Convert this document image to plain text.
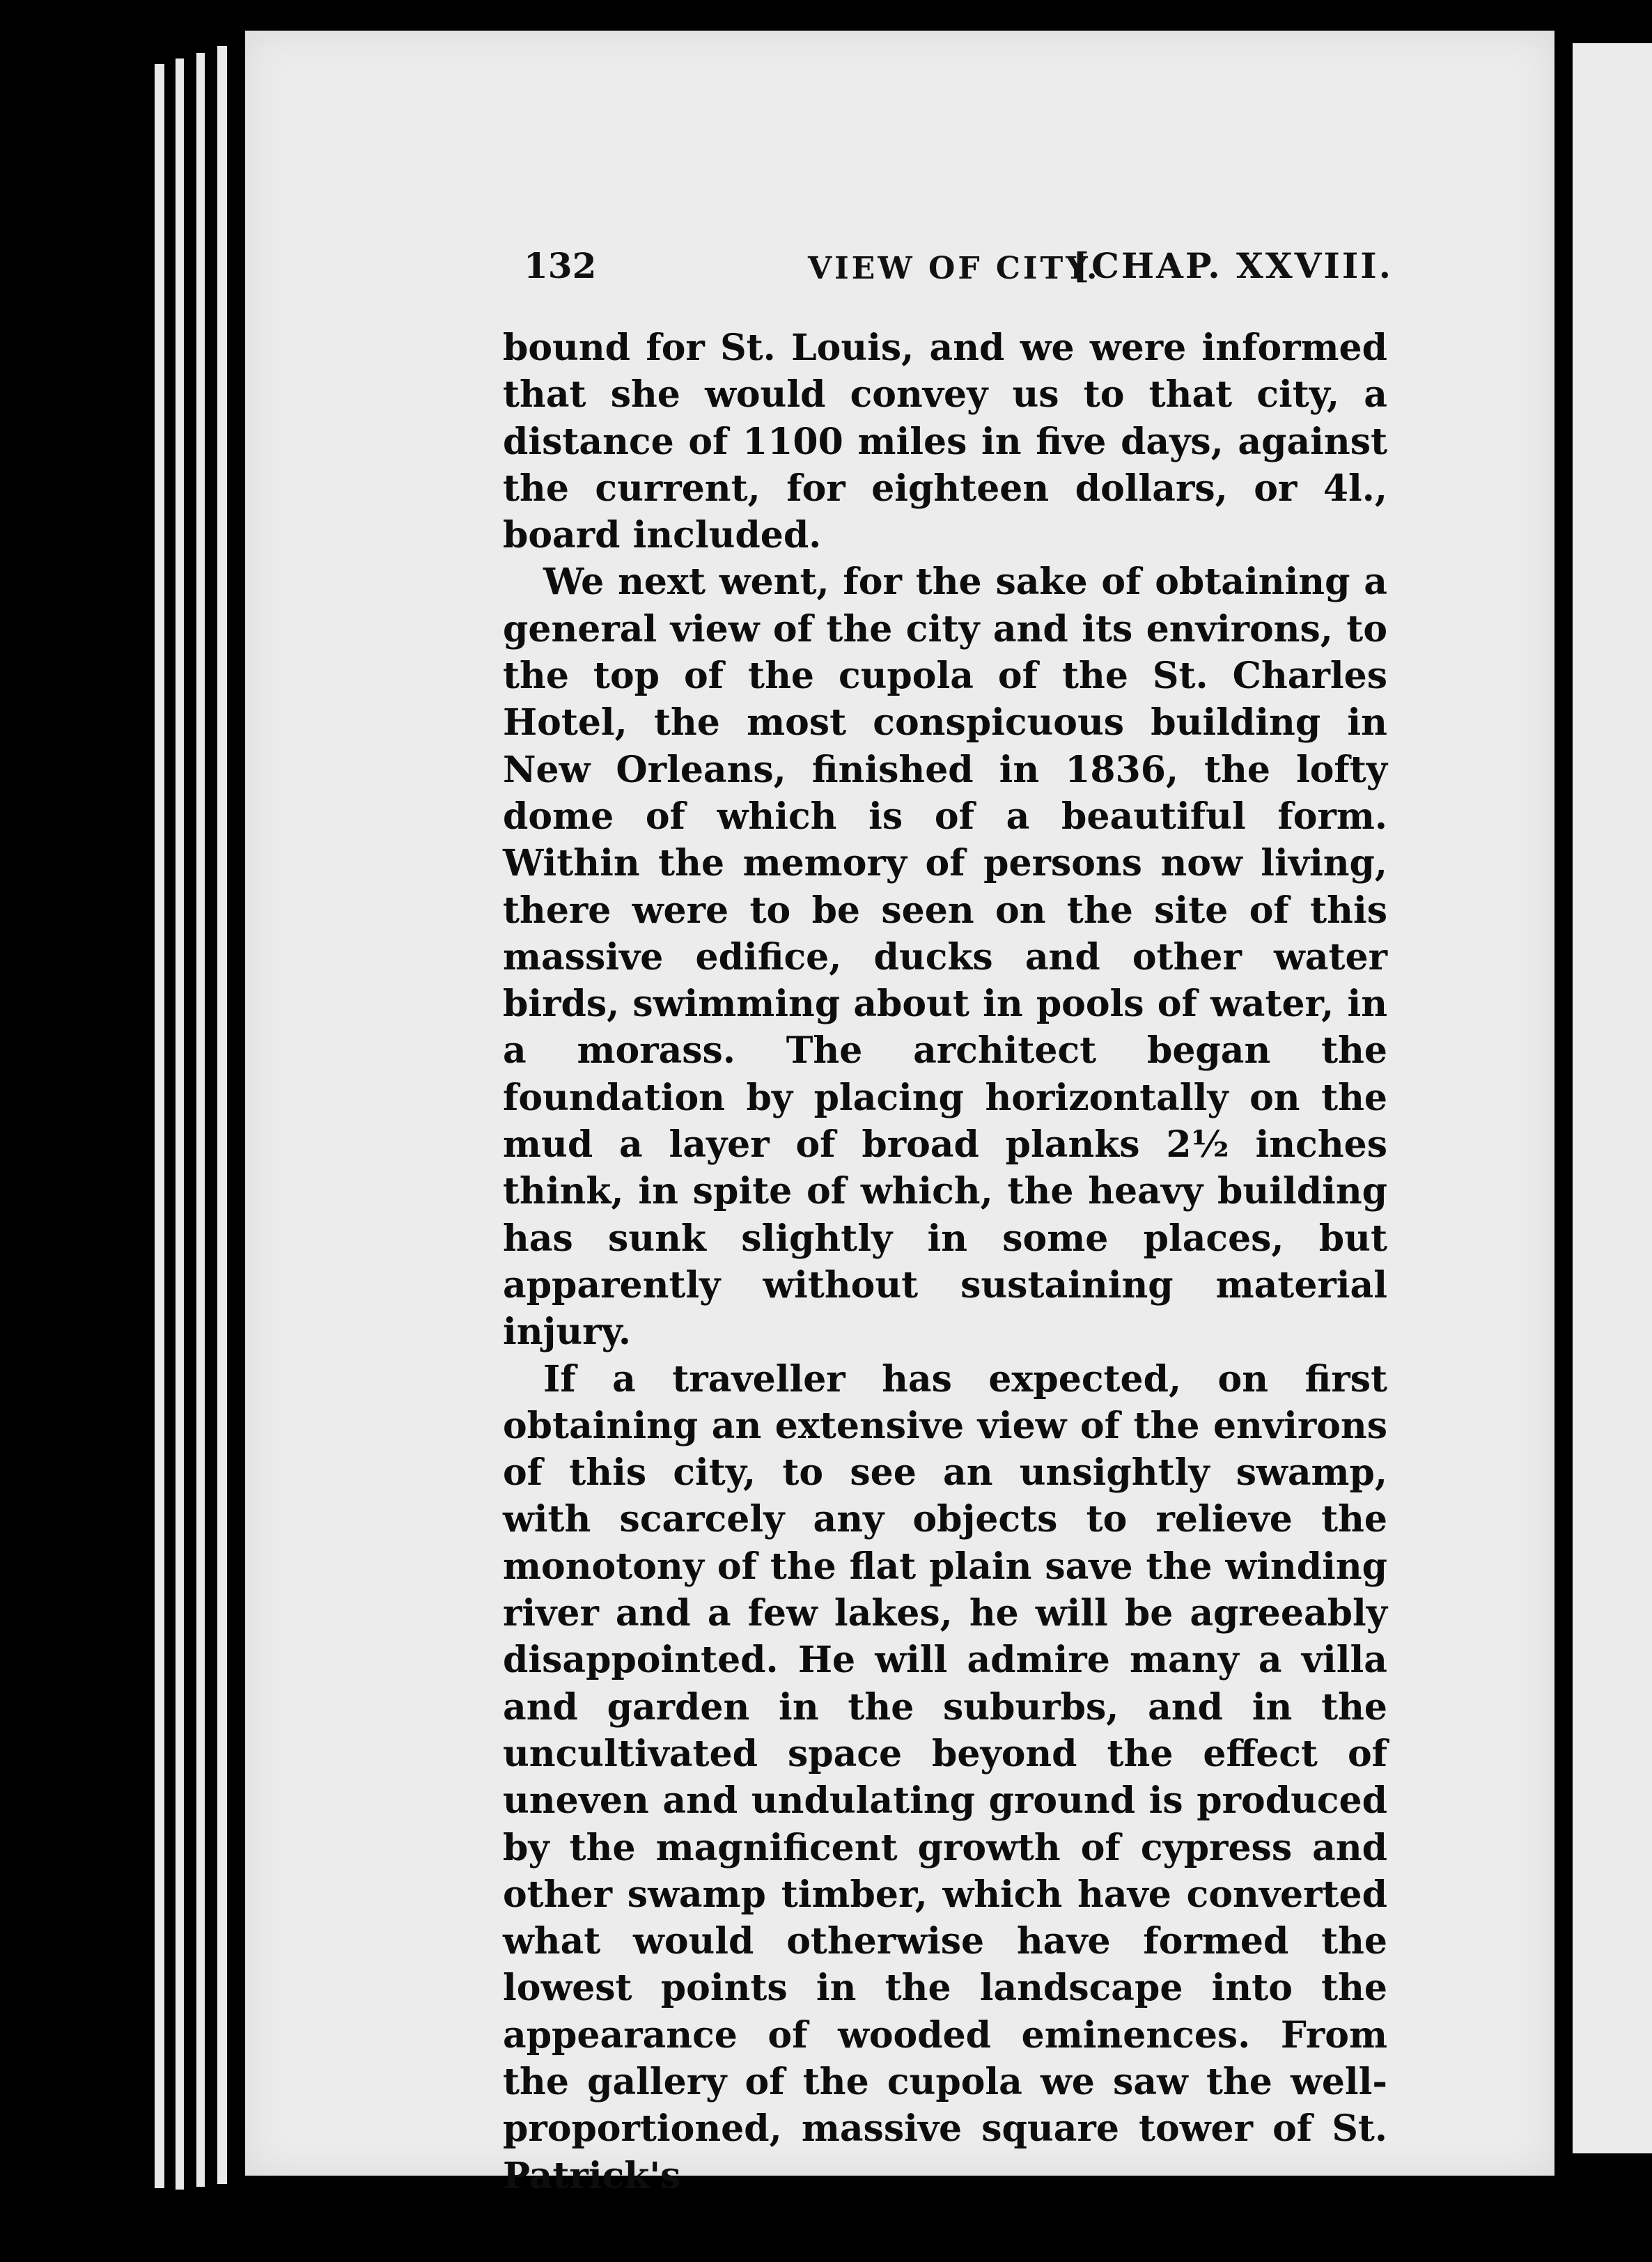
132	VIEW OF CITY.
[CHAP. XXVIII.

bound for St. Louis, and we were informed that she would convey us to that city, a distance of 1100 miles in five days, against the current, for eighteen dollars, or 4l., board included.

We next went, for the sake of obtaining a general view of the city and its environs, to the top of the cupola of the St. Charles Hotel, the most conspicuous building in New Orleans, finished in 1836, the lofty dome of which is of a beautiful form. Within the memory of persons now living, there were to be seen on the site of this massive edifice, ducks and other water birds, swimming about in pools of water, in a morass. The architect began the foundation by placing horizontally on the mud a layer of broad planks 2½ inches think, in spite of which, the heavy building has sunk slightly in some places, but apparently without sustaining material injury.

If a traveller has expected, on first obtaining an extensive view of the environs of this city, to see an unsightly swamp, with scarcely any objects to relieve the monotony of the flat plain save the winding river and a few lakes, he will be agreeably disappointed. He will admire many a villa and garden in the suburbs, and in the uncultivated space beyond the effect of uneven and undulating ground is produced by the magnificent growth of cypress and other swamp timber, which have converted what would otherwise have formed the lowest points in the landscape into the appearance of wooded eminences. From the gallery of the cupola we saw the well-proportioned, massive square tower of St. Patrick's
